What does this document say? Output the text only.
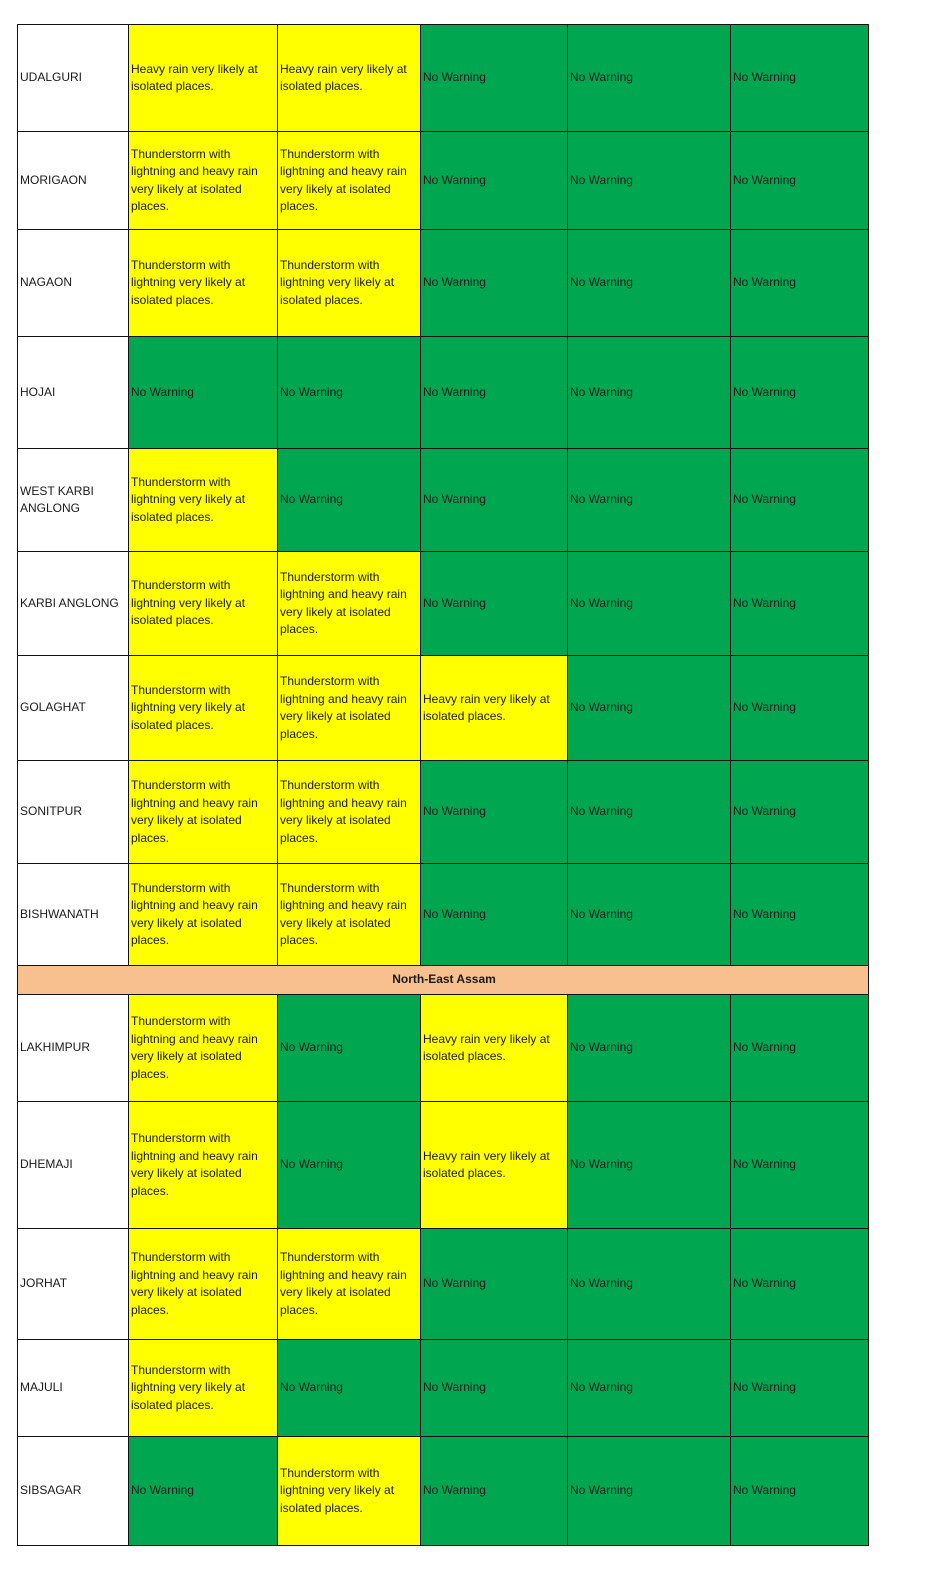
UDALGURI	Heavy rain very likely at isolated places.	Heavy rain very likely at isolated places.	No Warning	No Warning	No Warning
MORIGAON	Thunderstorm with lightning and heavy rain very likely at isolated places.	Thunderstorm with lightning and heavy rain very likely at isolated places.	No Warning	No Warning	No Warning
NAGAON	Thunderstorm with lightning very likely at isolated places.	Thunderstorm with lightning very likely at isolated places.	No Warning	No Warning	No Warning
HOJAI	No Warning	No Warning	No Warning	No Warning	No Warning
WEST KARBI ANGLONG	Thunderstorm with lightning very likely at isolated places.	No Warning	No Warning	No Warning	No Warning
KARBI ANGLONG	Thunderstorm with lightning very likely at isolated places.	Thunderstorm with lightning and heavy rain very likely at isolated places.	No Warning	No Warning	No Warning
GOLAGHAT	Thunderstorm with lightning very likely at isolated places.	Thunderstorm with lightning and heavy rain very likely at isolated places.	Heavy rain very likely at isolated places.	No Warning	No Warning
SONITPUR	Thunderstorm with lightning and heavy rain very likely at isolated places.	Thunderstorm with lightning and heavy rain very likely at isolated places.	No Warning	No Warning	No Warning
BISHWANATH	Thunderstorm with lightning and heavy rain very likely at isolated places.	Thunderstorm with lightning and heavy rain very likely at isolated places.	No Warning	No Warning	No Warning
North-East Assam					
LAKHIMPUR	Thunderstorm with lightning and heavy rain very likely at isolated places.	No Warning	Heavy rain very likely at isolated places.	No Warning	No Warning
DHEMAJI	Thunderstorm with lightning and heavy rain very likely at isolated places.	No Warning	Heavy rain very likely at isolated places.	No Warning	No Warning
JORHAT	Thunderstorm with lightning and heavy rain very likely at isolated places.	Thunderstorm with lightning and heavy rain very likely at isolated places.	No Warning	No Warning	No Warning
MAJULI	Thunderstorm with lightning very likely at isolated places.	No Warning	No Warning	No Warning	No Warning
SIBSAGAR	No Warning	Thunderstorm with lightning very likely at isolated places.	No Warning	No Warning	No Warning
